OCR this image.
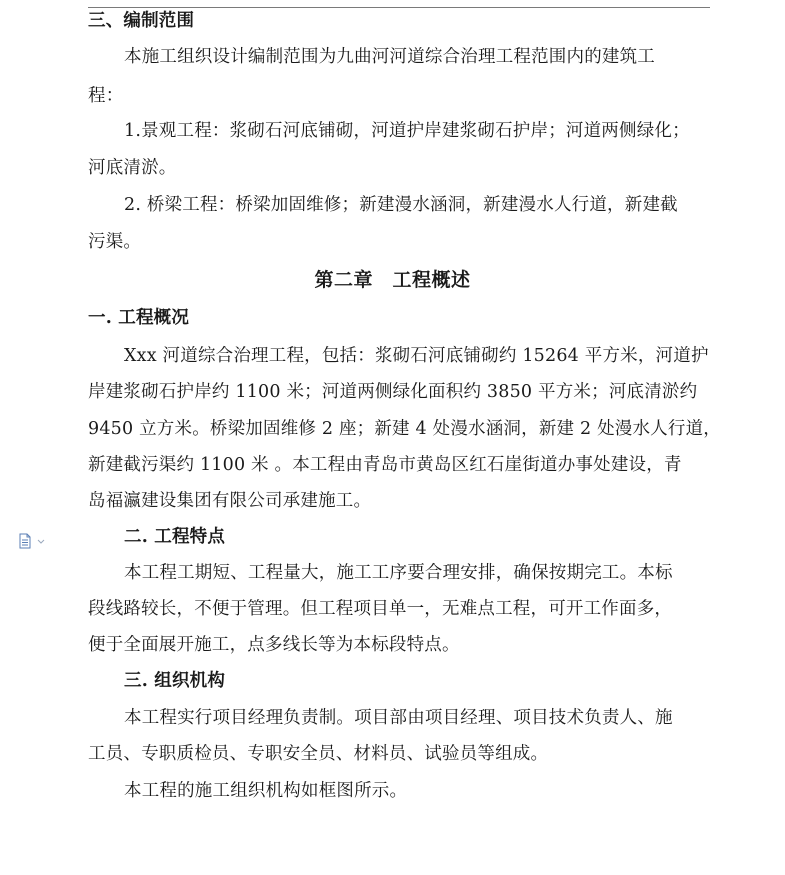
三、编制范围
本施工组织设计编制范围为九曲河河道综合治理工程范围内的建筑工
程：
1.景观工程：浆砌石河底铺砌，河道护岸建浆砌石护岸；河道两侧绿化；
河底清淤。
2. 桥梁工程：桥梁加固维修；新建漫水涵洞，新建漫水人行道，新建截
污渠。
第二章　工程概述
一. 工程概况
Xxx 河道综合治理工程，包括：浆砌石河底铺砌约 15264 平方米，河道护
岸建浆砌石护岸约 1100 米；河道两侧绿化面积约 3850 平方米；河底清淤约
9450 立方米。桥梁加固维修 2 座；新建 4 处漫水涵洞，新建 2 处漫水人行道，
新建截污渠约 1100 米 。本工程由青岛市黄岛区红石崖街道办事处建设，青
岛福瀛建设集团有限公司承建施工。
二. 工程特点
本工程工期短、工程量大，施工工序要合理安排，确保按期完工。本标
段线路较长，不便于管理。但工程项目单一，无难点工程，可开工作面多，
便于全面展开施工，点多线长等为本标段特点。
三. 组织机构
本工程实行项目经理负责制。项目部由项目经理、项目技术负责人、施
工员、专职质检员、专职安全员、材料员、试验员等组成。
本工程的施工组织机构如框图所示。
